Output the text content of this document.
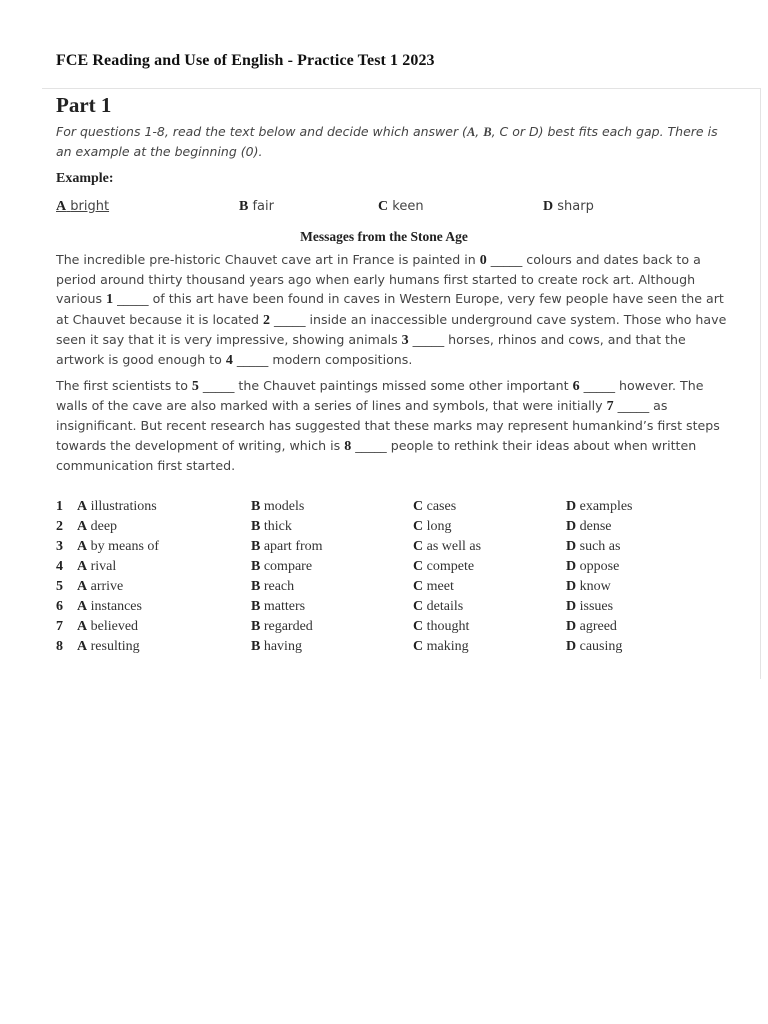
FCE Reading and Use of English - Practice Test 1 2023
Part 1
For questions 1-8, read the text below and decide which answer (A, B, C or D) best fits each gap. There is an example at the beginning (0).
Example:
A bright	B fair	C keen	D sharp
Messages from the Stone Age
The incredible pre-historic Chauvet cave art in France is painted in 0 _____ colours and dates back to a period around thirty thousand years ago when early humans first started to create rock art. Although various 1 _____ of this art have been found in caves in Western Europe, very few people have seen the art at Chauvet because it is located 2 _____ inside an inaccessible underground cave system. Those who have seen it say that it is very impressive, showing animals 3 _____ horses, rhinos and cows, and that the artwork is good enough to 4 _____ modern compositions.
The first scientists to 5 _____ the Chauvet paintings missed some other important 6 _____ however. The walls of the cave are also marked with a series of lines and symbols, that were initially 7 _____ as insignificant. But recent research has suggested that these marks may represent humankind’s first steps towards the development of writing, which is 8 _____ people to rethink their ideas about when written communication first started.
1 A illustrations	B models	C cases	D examples
2 A deep	B thick	C long	D dense
3 A by means of	B apart from	C as well as	D such as
4 A rival	B compare	C compete	D oppose
5 A arrive	B reach	C meet	D know
6 A instances	B matters	C details	D issues
7 A believed	B regarded	C thought	D agreed
8 A resulting	B having	C making	D causing
